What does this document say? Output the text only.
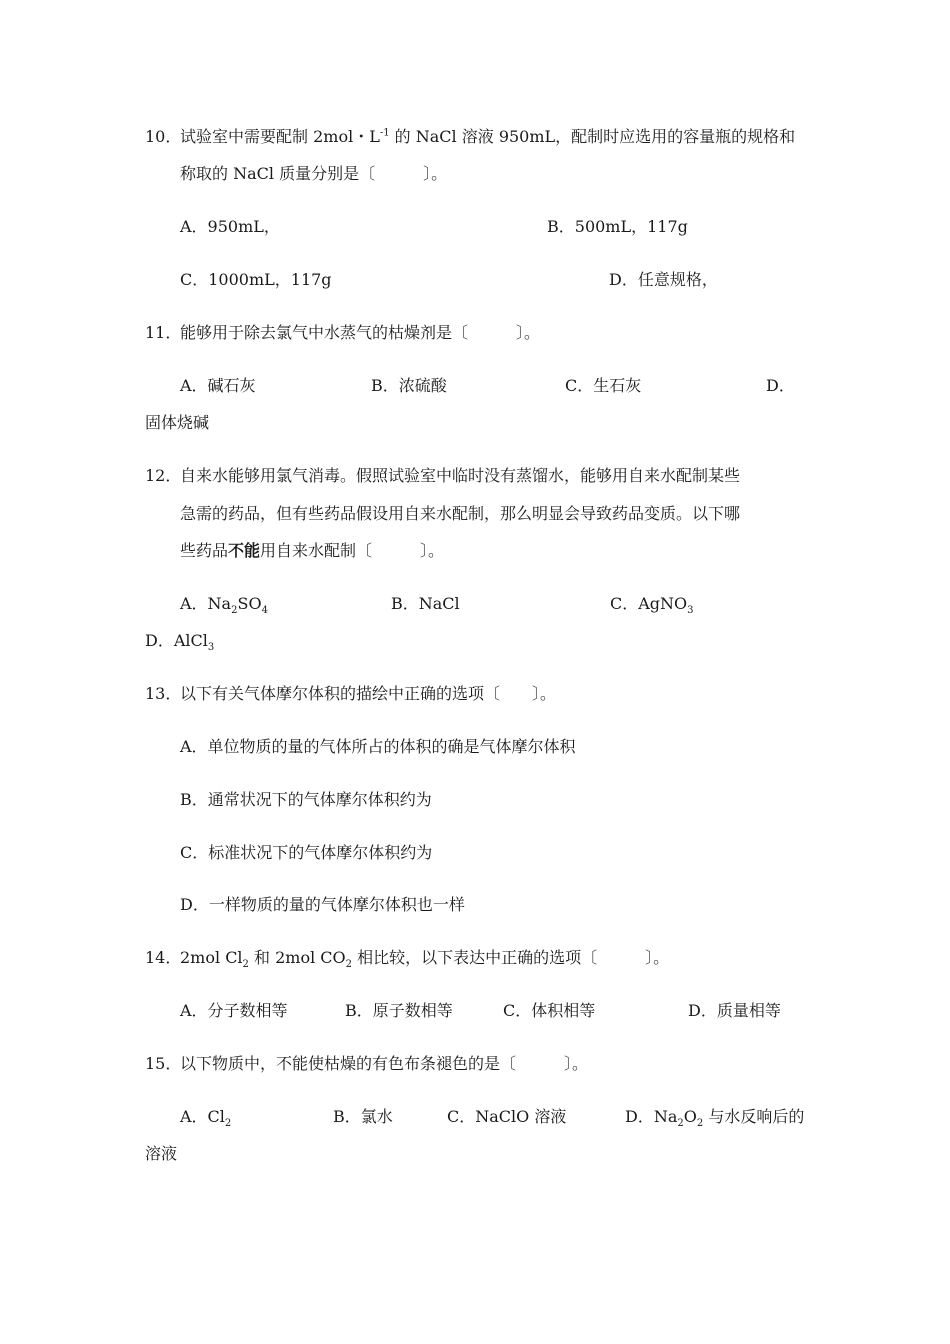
10．
试验室中需要配制 2mol・$L^{-1}$ 的 NaCl 溶液 950mL，配制时应选用的容量瓶的规格和
称取的 NaCl 质量分别是〔　　　〕。
A．950mL，	B．500mL，117g
C．1000mL，117g	D．任意规格，
11．
能够用于除去氯气中水蒸气的枯燥剂是〔　　　〕。
A．碱石灰	B．浓硫酸	C．生石灰	D．
固体烧碱
12．
自来水能够用氯气消毒。假照试验室中临时没有蒸馏水，能够用自来水配制某些
急需的药品，但有些药品假设用自来水配制，那么明显会导致药品变质。以下哪
些药品不能用自来水配制〔　　　〕。
A．$Na_2SO_4$	B．NaCl	C．AgNO$_3$
D．AlCl$_3$
13．
以下有关气体摩尔体积的描绘中正确的选项〔　　〕。
A．单位物质的量的气体所占的体积的确是气体摩尔体积
B．通常状况下的气体摩尔体积约为
C．标准状况下的气体摩尔体积约为
D．一样物质的量的气体摩尔体积也一样
14．
2mol $Cl_2$ 和 2mol $CO_2$ 相比较，以下表达中正确的选项〔　　　〕。
A．分子数相等	B．原子数相等	C．体积相等	D．质量相等
15．
以下物质中，不能使枯燥的有色布条褪色的是〔　　　〕。
A．$Cl_2$	B．氯水	C．NaClO 溶液	D．$Na_2O_2$ 与水反响后的
溶液
